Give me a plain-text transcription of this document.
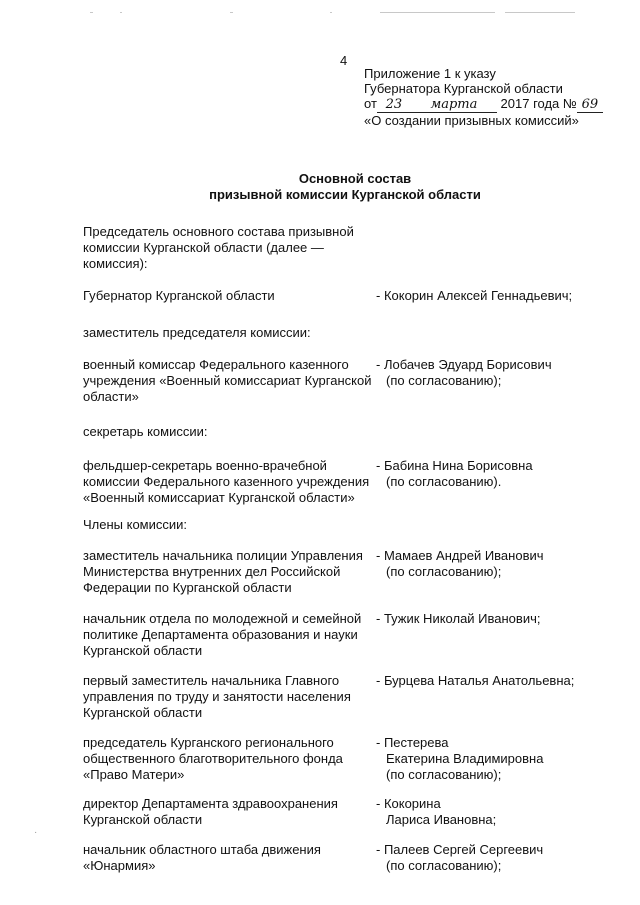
4
Приложение 1 к указу
Губернатора Курганской области
от 23 марта 2017 года № 69
«О создании призывных комиссий»
Основной состав
призывной комиссии Курганской области
Председатель основного состава призывной комиссии Курганской области (далее — комиссия):
Губернатор Курганской области	- Кокорин Алексей Геннадьевич;
заместитель председателя комиссии:
военный комиссар Федерального казенного учреждения «Военный комиссариат Курганской области»
- Лобачев Эдуард Борисович
(по согласованию);
секретарь комиссии:
фельдшер-секретарь военно-врачебной комиссии Федерального казенного учреждения «Военный комиссариат Курганской области»
- Бабина Нина Борисовна
(по согласованию).
Члены комиссии:
заместитель начальника полиции Управления Министерства внутренних дел Российской Федерации по Курганской области
- Мамаев Андрей Иванович
(по согласованию);
начальник отдела по молодежной и семейной политике Департамента образования и науки Курганской области
- Тужик Николай Иванович;
первый заместитель начальника Главного управления по труду и занятости населения Курганской области
- Бурцева Наталья Анатольевна;
председатель Курганского регионального общественного благотворительного фонда «Право Матери»
- Пестерева
Екатерина Владимировна
(по согласованию);
директор Департамента здравоохранения Курганской области
- Кокорина
Лариса Ивановна;
начальник областного штаба движения «Юнармия»
- Палеев Сергей Сергеевич
(по согласованию);
·
